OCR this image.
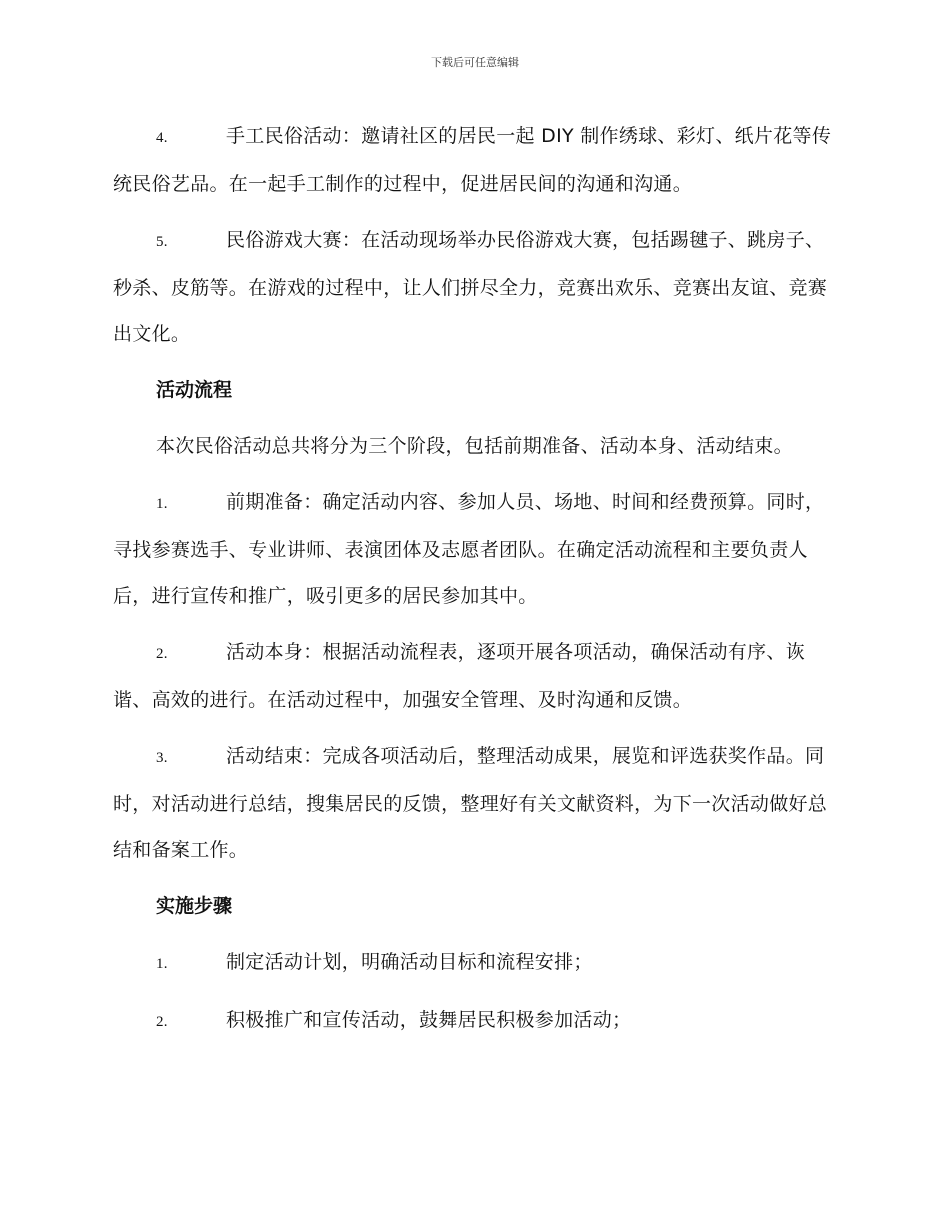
下载后可任意编辑

4.	手工民俗活动：邀请社区的居民一起 DIY 制作绣球、彩灯、纸片花等传统民俗艺品。在一起手工制作的过程中，促进居民间的沟通和沟通。

5.	民俗游戏大赛：在活动现场举办民俗游戏大赛，包括踢毽子、跳房子、秒杀、皮筋等。在游戏的过程中，让人们拼尽全力，竞赛出欢乐、竞赛出友谊、竞赛出文化。

活动流程

本次民俗活动总共将分为三个阶段，包括前期准备、活动本身、活动结束。

1.	前期准备：确定活动内容、参加人员、场地、时间和经费预算。同时，寻找参赛选手、专业讲师、表演团体及志愿者团队。在确定活动流程和主要负责人后，进行宣传和推广，吸引更多的居民参加其中。

2.	活动本身：根据活动流程表，逐项开展各项活动，确保活动有序、诙谐、高效的进行。在活动过程中，加强安全管理、及时沟通和反馈。

3.	活动结束：完成各项活动后，整理活动成果，展览和评选获奖作品。同时，对活动进行总结，搜集居民的反馈，整理好有关文献资料，为下一次活动做好总结和备案工作。

实施步骤

1.	制定活动计划，明确活动目标和流程安排；

2.	积极推广和宣传活动，鼓舞居民积极参加活动；
